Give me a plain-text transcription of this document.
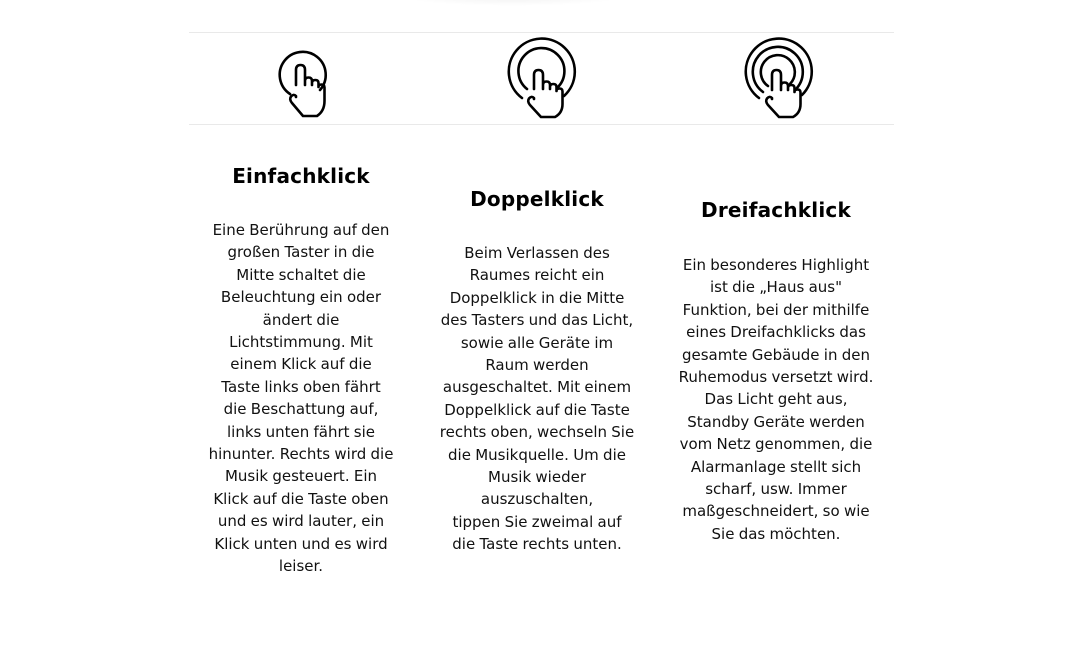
Einfachklick

Eine Berührung auf den
großen Taster in die
Mitte schaltet die
Beleuchtung ein oder
ändert die
Lichtstimmung. Mit
einem Klick auf die
Taste links oben fährt
die Beschattung auf,
links unten fährt sie
hinunter. Rechts wird die
Musik gesteuert. Ein
Klick auf die Taste oben
und es wird lauter, ein
Klick unten und es wird
leiser.

Doppelklick

Beim Verlassen des
Raumes reicht ein
Doppelklick in die Mitte
des Tasters und das Licht,
sowie alle Geräte im
Raum werden
ausgeschaltet. Mit einem
Doppelklick auf die Taste
rechts oben, wechseln Sie
die Musikquelle. Um die
Musik wieder
auszuschalten,
tippen Sie zweimal auf
die Taste rechts unten.

Dreifachklick

Ein besonderes Highlight
ist die „Haus aus"
Funktion, bei der mithilfe
eines Dreifachklicks das
gesamte Gebäude in den
Ruhemodus versetzt wird.
Das Licht geht aus,
Standby Geräte werden
vom Netz genommen, die
Alarmanlage stellt sich
scharf, usw. Immer
maßgeschneidert, so wie
Sie das möchten.
